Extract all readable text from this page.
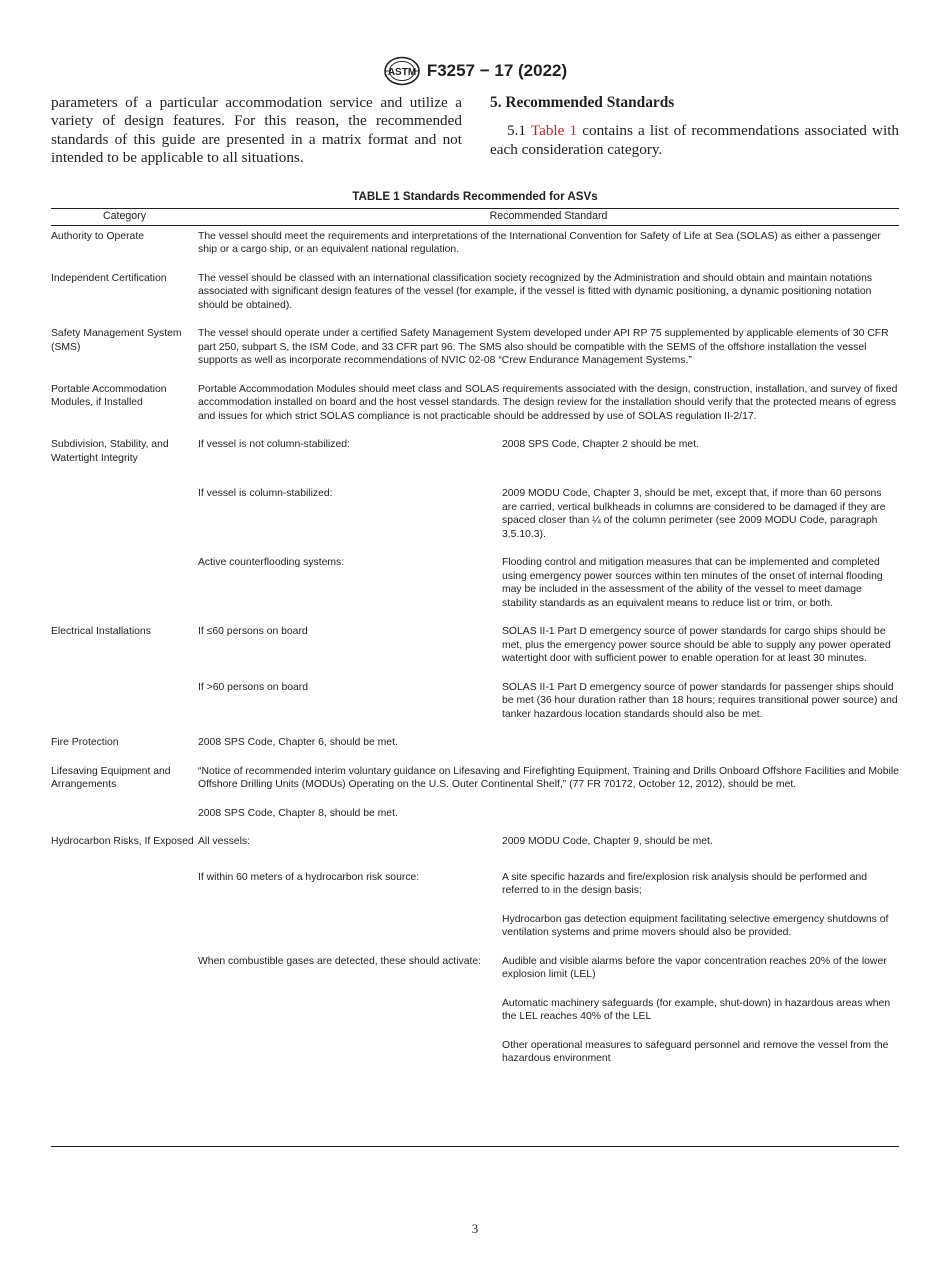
ASTM F3257 − 17 (2022)
parameters of a particular accommodation service and utilize a variety of design features. For this reason, the recommended standards of this guide are presented in a matrix format and not intended to be applicable to all situations.

5. Recommended Standards

5.1 Table 1 contains a list of recommendations associated with each consideration category.

TABLE 1 Standards Recommended for ASVs
Category	Recommended Standard	
Authority to Operate	The vessel should meet the requirements and interpretations of the International Convention for Safety of Life at Sea (SOLAS) as either a passenger ship or a cargo ship, or an equivalent national regulation.	
Independent Certification	The vessel should be classed with an international classification society recognized by the Administration and should obtain and maintain notations associated with significant design features of the vessel (for example, if the vessel is fitted with dynamic positioning, a dynamic positioning notation should be obtained).	
Safety Management System (SMS)	The vessel should operate under a certified Safety Management System developed under API RP 75 supplemented by applicable elements of 30 CFR part 250, subpart S, the ISM Code, and 33 CFR part 96. The SMS also should be compatible with the SEMS of the offshore installation the vessel supports as well as incorporate recommendations of NVIC 02-08 “Crew Endurance Management Systems.”	
Portable Accommodation Modules, if Installed	Portable Accommodation Modules should meet class and SOLAS requirements associated with the design, construction, installation, and survey of fixed accommodation installed on board and the host vessel standards. The design review for the installation should verify that the protected means of egress and issues for which strict SOLAS compliance is not practicable should be addressed by use of SOLAS regulation II-2/17.	
Subdivision, Stability, and Watertight Integrity	If vessel is not column-stabilized:	2008 SPS Code, Chapter 2 should be met.
	If vessel is column-stabilized:	2009 MODU Code, Chapter 3, should be met, except that, if more than 60 persons are carried, vertical bulkheads in columns are considered to be damaged if they are spaced closer than ¼ of the column perimeter (see 2009 MODU Code, paragraph 3.5.10.3).
	Active counterflooding systems:	Flooding control and mitigation measures that can be implemented and completed using emergency power sources within ten minutes of the onset of internal flooding may be included in the assessment of the ability of the vessel to meet damage stability standards as an equivalent means to reduce list or trim, or both.
Electrical Installations	If ≤60 persons on board	SOLAS II-1 Part D emergency source of power standards for cargo ships should be met, plus the emergency power source should be able to supply any power operated watertight door with sufficient power to enable operation for at least 30 minutes.
	If >60 persons on board	SOLAS II-1 Part D emergency source of power standards for passenger ships should be met (36 hour duration rather than 18 hours; requires transitional power source) and tanker hazardous location standards should also be met.
Fire Protection	2008 SPS Code, Chapter 6, should be met.	
Lifesaving Equipment and Arrangements	“Notice of recommended interim voluntary guidance on Lifesaving and Firefighting Equipment, Training and Drills Onboard Offshore Facilities and Mobile Offshore Drilling Units (MODUs) Operating on the U.S. Outer Continental Shelf,” (77 FR 70172, October 12, 2012), should be met.	
	2008 SPS Code, Chapter 8, should be met.	
Hydrocarbon Risks, If Exposed	All vessels:	2009 MODU Code, Chapter 9, should be met.
	If within 60 meters of a hydrocarbon risk source:	A site specific hazards and fire/explosion risk analysis should be performed and referred to in the design basis;
		Hydrocarbon gas detection equipment facilitating selective emergency shutdowns of ventilation systems and prime movers should also be provided.
	When combustible gases are detected, these should activate:	Audible and visible alarms before the vapor concentration reaches 20% of the lower explosion limit (LEL)
		Automatic machinery safeguards (for example, shut-down) in hazardous areas when the LEL reaches 40% of the LEL
		Other operational measures to safeguard personnel and remove the vessel from the hazardous environment
3
